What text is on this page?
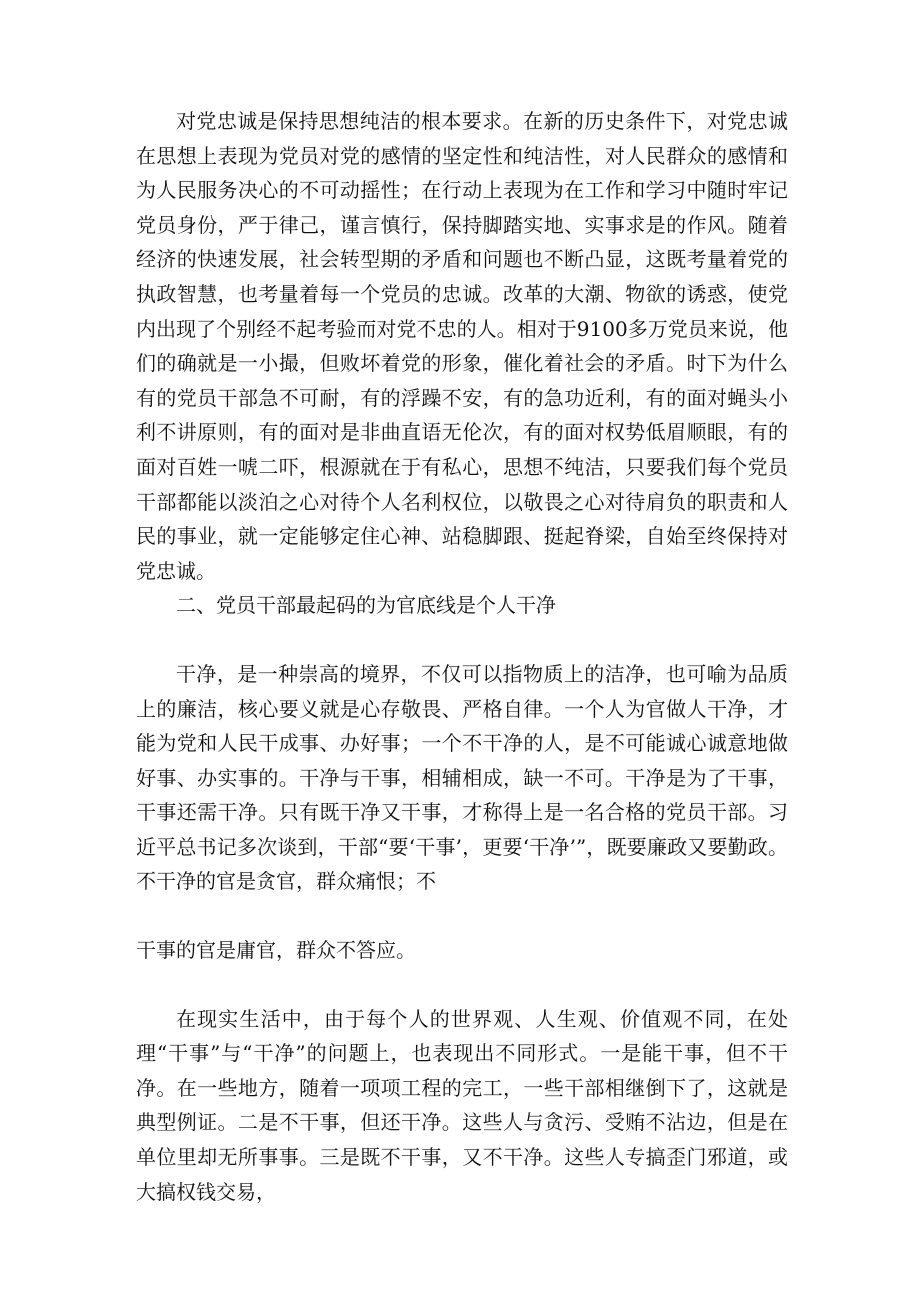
对党忠诚是保持思想纯洁的根本要求。在新的历史条件下，对党忠诚在思想上表现为党员对党的感情的坚定性和纯洁性，对人民群众的感情和为人民服务决心的不可动摇性；在行动上表现为在工作和学习中随时牢记党员身份，严于律己，谨言慎行，保持脚踏实地、实事求是的作风。随着经济的快速发展，社会转型期的矛盾和问题也不断凸显，这既考量着党的执政智慧，也考量着每一个党员的忠诚。改革的大潮、物欲的诱惑，使党内出现了个别经不起考验而对党不忠的人。相对于9100多万党员来说，他们的确就是一小撮，但败坏着党的形象，催化着社会的矛盾。时下为什么有的党员干部急不可耐，有的浮躁不安，有的急功近利，有的面对蝇头小利不讲原则，有的面对是非曲直语无伦次，有的面对权势低眉顺眼，有的面对百姓一唬二吓，根源就在于有私心，思想不纯洁，只要我们每个党员干部都能以淡泊之心对待个人名利权位，以敬畏之心对待肩负的职责和人民的事业，就一定能够定住心神、站稳脚跟、挺起脊梁，自始至终保持对党忠诚。

二、党员干部最起码的为官底线是个人干净

干净，是一种崇高的境界，不仅可以指物质上的洁净，也可喻为品质上的廉洁，核心要义就是心存敬畏、严格自律。一个人为官做人干净，才能为党和人民干成事、办好事；一个不干净的人，是不可能诚心诚意地做好事、办实事的。干净与干事，相辅相成，缺一不可。干净是为了干事，干事还需干净。只有既干净又干事，才称得上是一名合格的党员干部。习近平总书记多次谈到，干部“要‘干事’，更要‘干净’”，既要廉政又要勤政。不干净的官是贪官，群众痛恨；不

干事的官是庸官，群众不答应。

在现实生活中，由于每个人的世界观、人生观、价值观不同，在处理“干事”与“干净”的问题上，也表现出不同形式。一是能干事，但不干净。在一些地方，随着一项项工程的完工，一些干部相继倒下了，这就是典型例证。二是不干事，但还干净。这些人与贪污、受贿不沾边，但是在单位里却无所事事。三是既不干事，又不干净。这些人专搞歪门邪道，或大搞权钱交易，
